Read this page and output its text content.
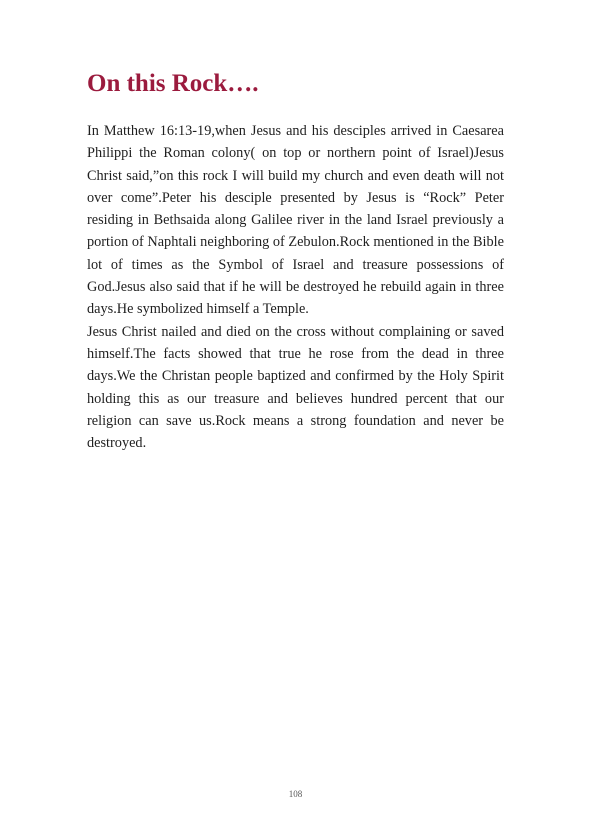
On this Rock….

In Matthew 16:13-19,when Jesus and his desciples arrived in Caesarea Philippi the Roman colony( on top or northern point of Israel)Jesus Christ said,”on this rock I will build my church and even death will not over come”.Peter his desciple presented by Jesus is “Rock” Peter residing in Bethsaida along Galilee river in the land Israel previously a portion of Naphtali neighboring of Zebulon.Rock mentioned in the Bible lot of times as the Symbol of Israel and treasure possessions of God.Jesus also said that if he will be destroyed he rebuild again in three days.He symbolized himself a Temple.

Jesus Christ nailed and died on the cross without complaining or saved himself.The facts showed that true he rose from the dead in three days.We the Christan people baptized and confirmed by the Holy Spirit holding this as our treasure and believes hundred percent that our religion can save us.Rock means a strong foundation and never be destroyed.

108
